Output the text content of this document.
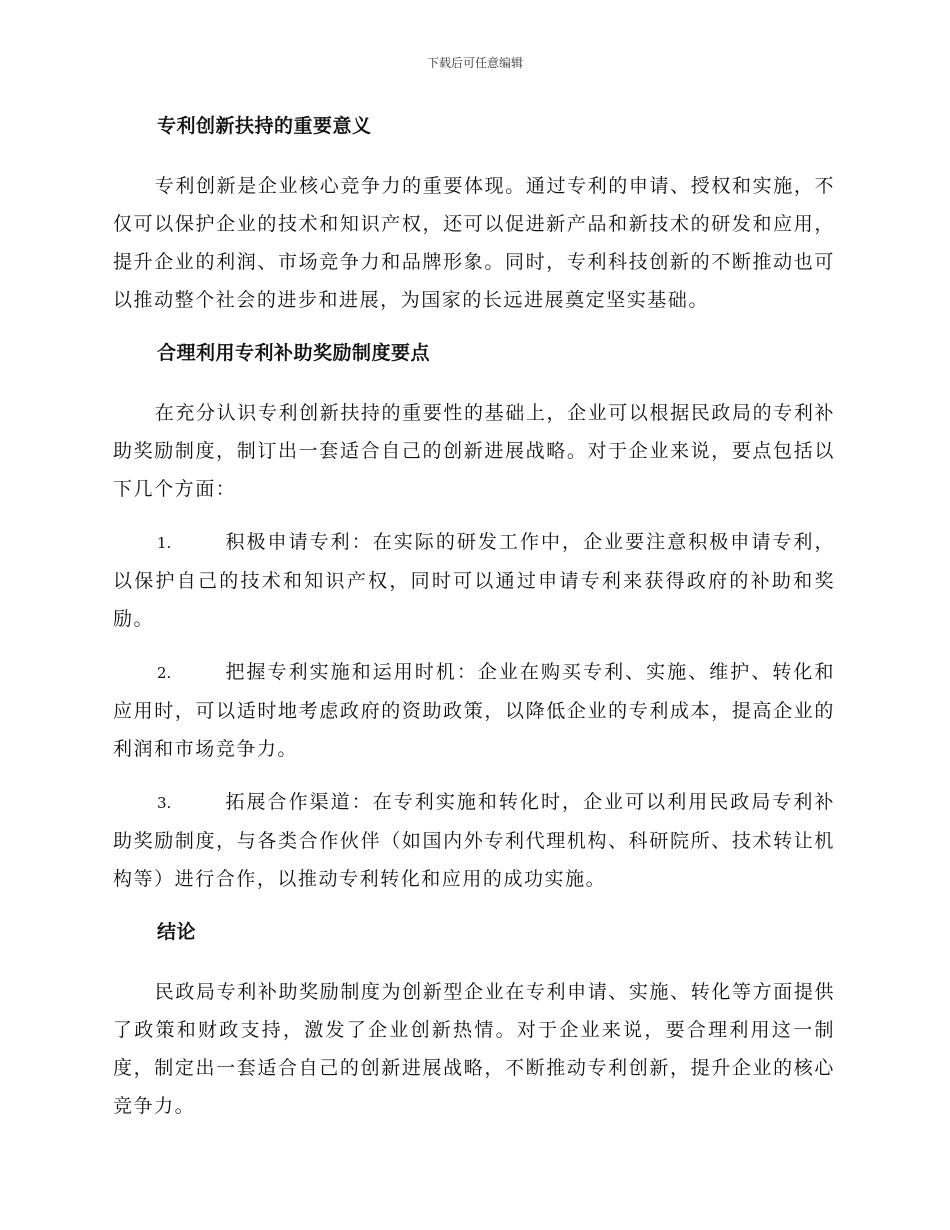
下载后可任意编辑
专利创新扶持的重要意义

专利创新是企业核心竞争力的重要体现。通过专利的申请、授权和实施，不仅可以保护企业的技术和知识产权，还可以促进新产品和新技术的研发和应用，提升企业的利润、市场竞争力和品牌形象。同时，专利科技创新的不断推动也可以推动整个社会的进步和进展，为国家的长远进展奠定坚实基础。

合理利用专利补助奖励制度要点

在充分认识专利创新扶持的重要性的基础上，企业可以根据民政局的专利补助奖励制度，制订出一套适合自己的创新进展战略。对于企业来说，要点包括以下几个方面：

1.	积极申请专利：在实际的研发工作中，企业要注意积极申请专利，以保护自己的技术和知识产权，同时可以通过申请专利来获得政府的补助和奖励。

2.	把握专利实施和运用时机：企业在购买专利、实施、维护、转化和应用时，可以适时地考虑政府的资助政策，以降低企业的专利成本，提高企业的利润和市场竞争力。

3.	拓展合作渠道：在专利实施和转化时，企业可以利用民政局专利补助奖励制度，与各类合作伙伴（如国内外专利代理机构、科研院所、技术转让机构等）进行合作，以推动专利转化和应用的成功实施。

结论

民政局专利补助奖励制度为创新型企业在专利申请、实施、转化等方面提供了政策和财政支持，激发了企业创新热情。对于企业来说，要合理利用这一制度，制定出一套适合自己的创新进展战略，不断推动专利创新，提升企业的核心竞争力。
